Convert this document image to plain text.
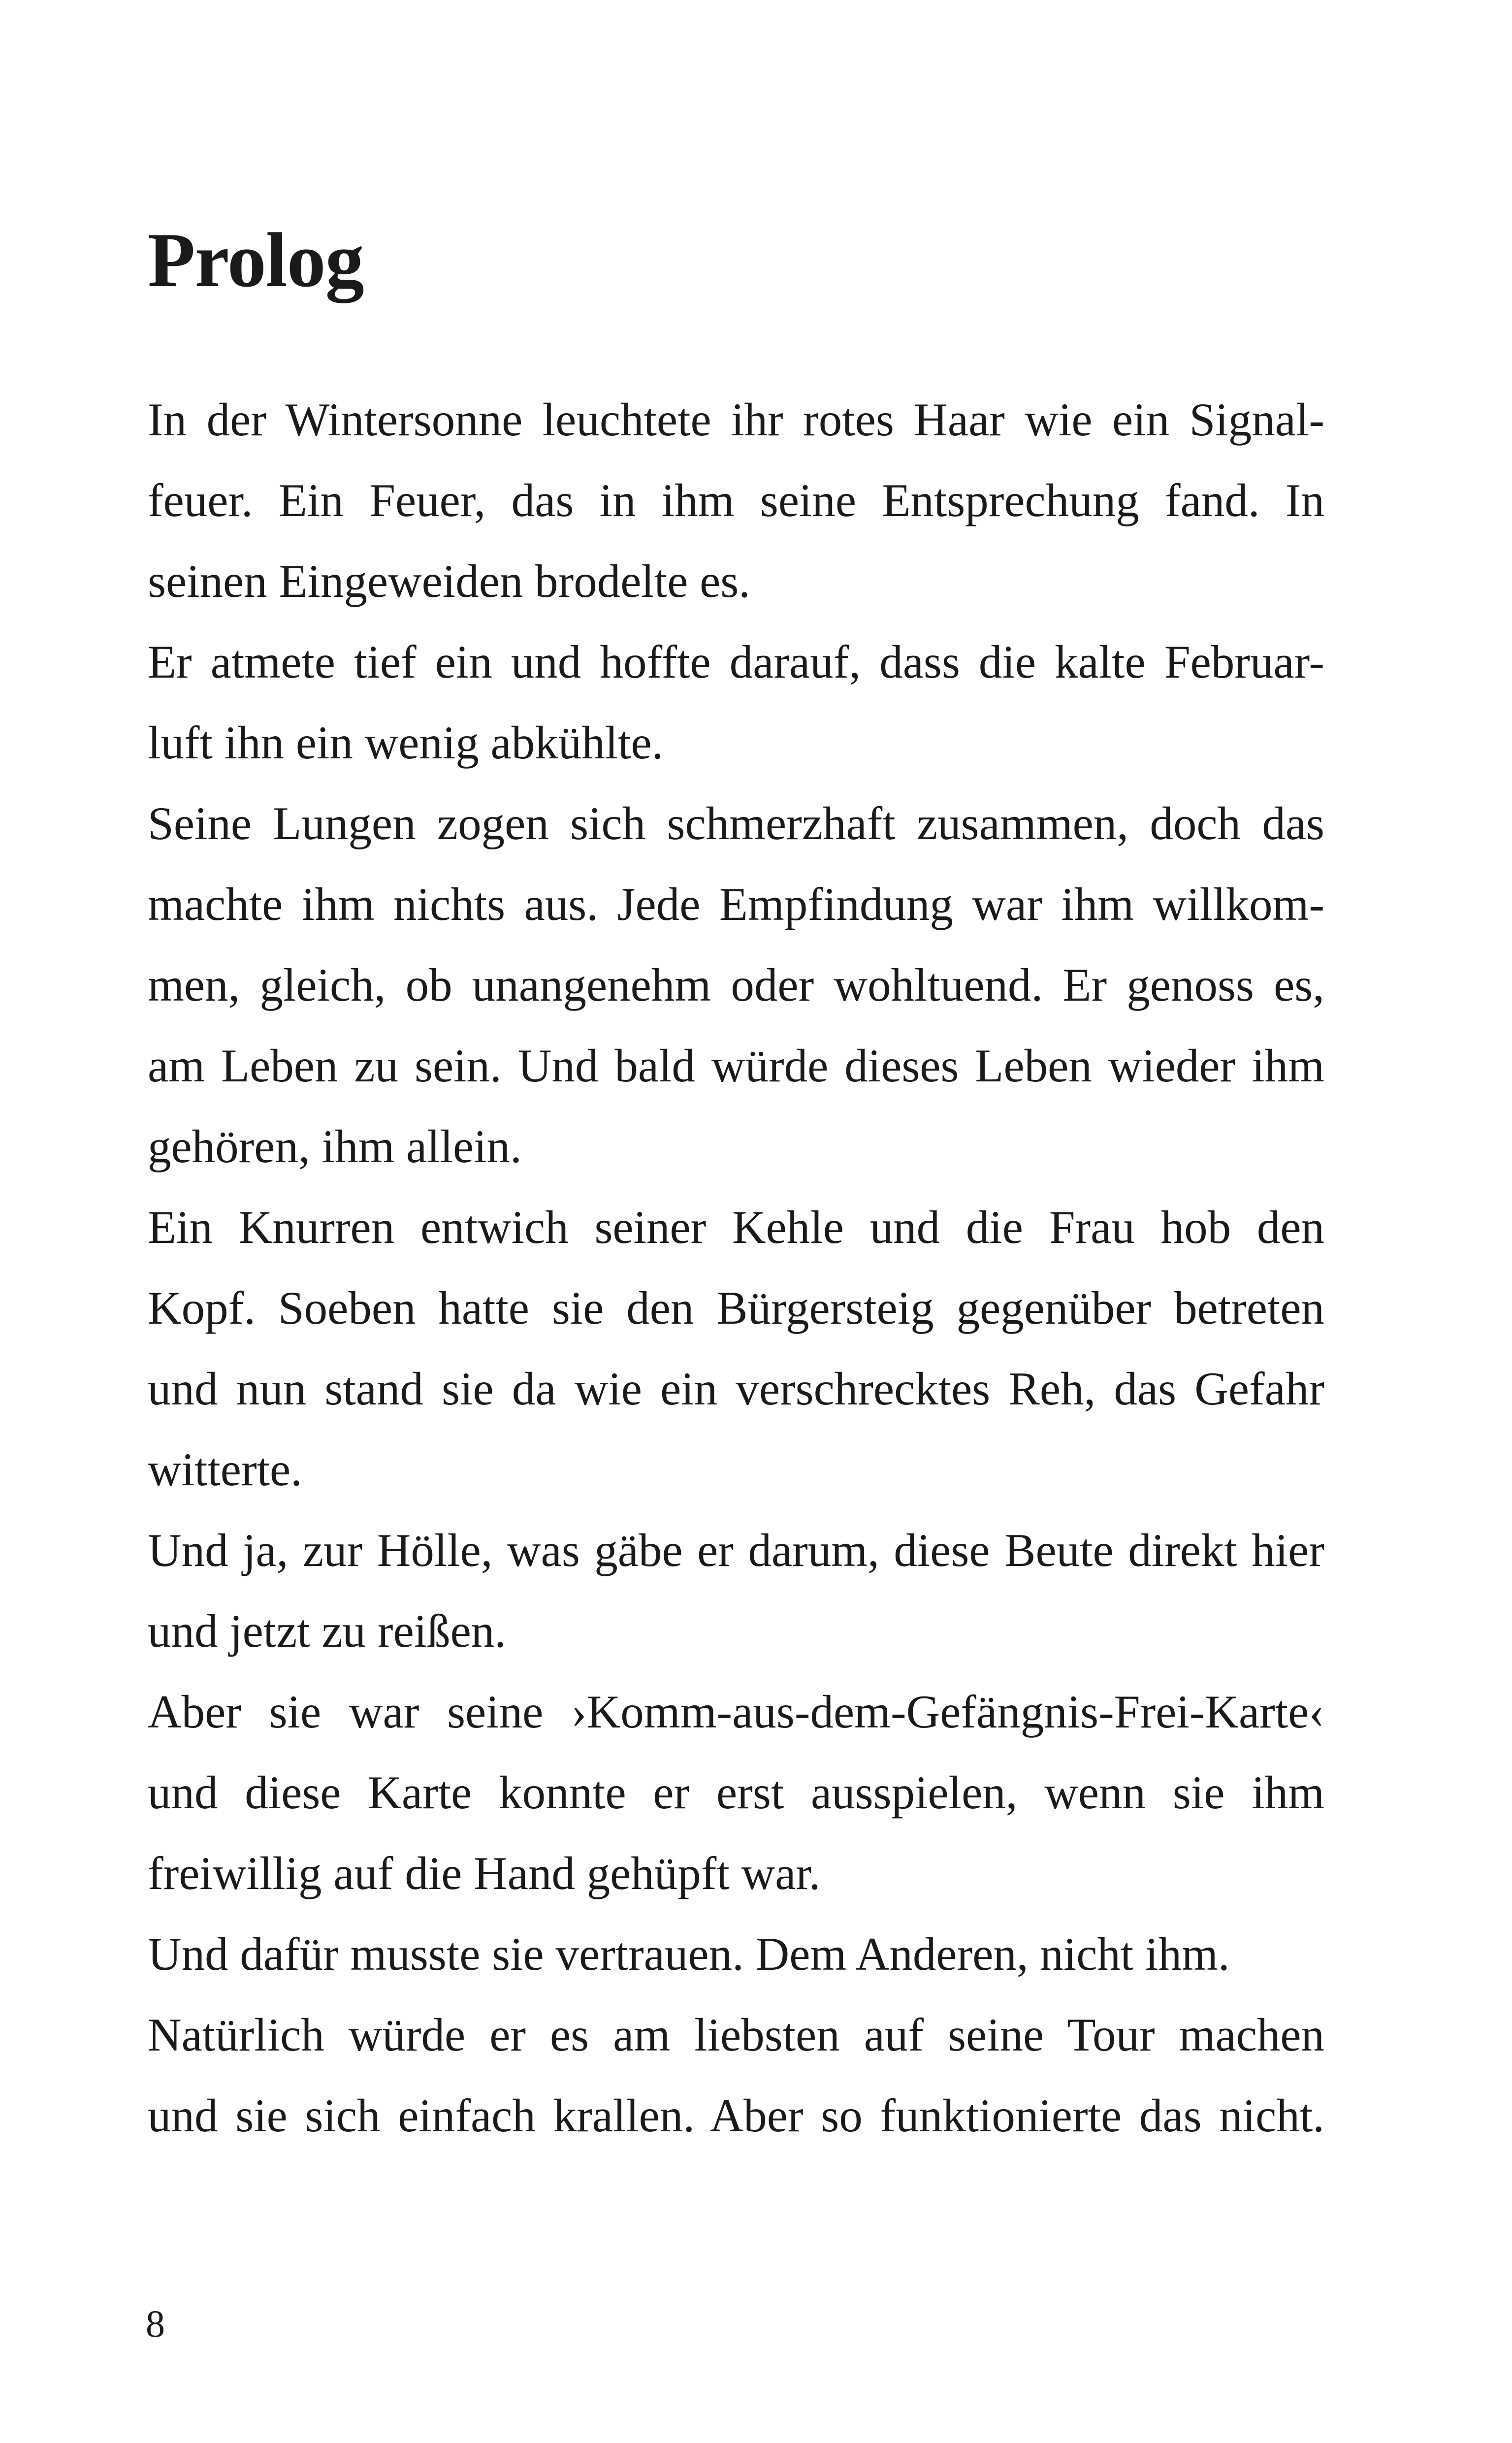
Prolog

In der Wintersonne leuchtete ihr rotes Haar wie ein Signal-
feuer. Ein Feuer, das in ihm seine Entsprechung fand. In
seinen Eingeweiden brodelte es.

Er atmete tief ein und hoffte darauf, dass die kalte Februar-
luft ihn ein wenig abkühlte.

Seine Lungen zogen sich schmerzhaft zusammen, doch das
machte ihm nichts aus. Jede Empfindung war ihm willkom-
men, gleich, ob unangenehm oder wohltuend. Er genoss es,
am Leben zu sein. Und bald würde dieses Leben wieder ihm
gehören, ihm allein.

Ein Knurren entwich seiner Kehle und die Frau hob den
Kopf. Soeben hatte sie den Bürgersteig gegenüber betreten
und nun stand sie da wie ein verschrecktes Reh, das Gefahr
witterte.

Und ja, zur Hölle, was gäbe er darum, diese Beute direkt hier
und jetzt zu reißen.

Aber sie war seine ›Komm-aus-dem-Gefängnis-Frei-Karte‹
und diese Karte konnte er erst ausspielen, wenn sie ihm
freiwillig auf die Hand gehüpft war.

Und dafür musste sie vertrauen. Dem Anderen, nicht ihm.

Natürlich würde er es am liebsten auf seine Tour machen
und sie sich einfach krallen. Aber so funktionierte das nicht.

8
